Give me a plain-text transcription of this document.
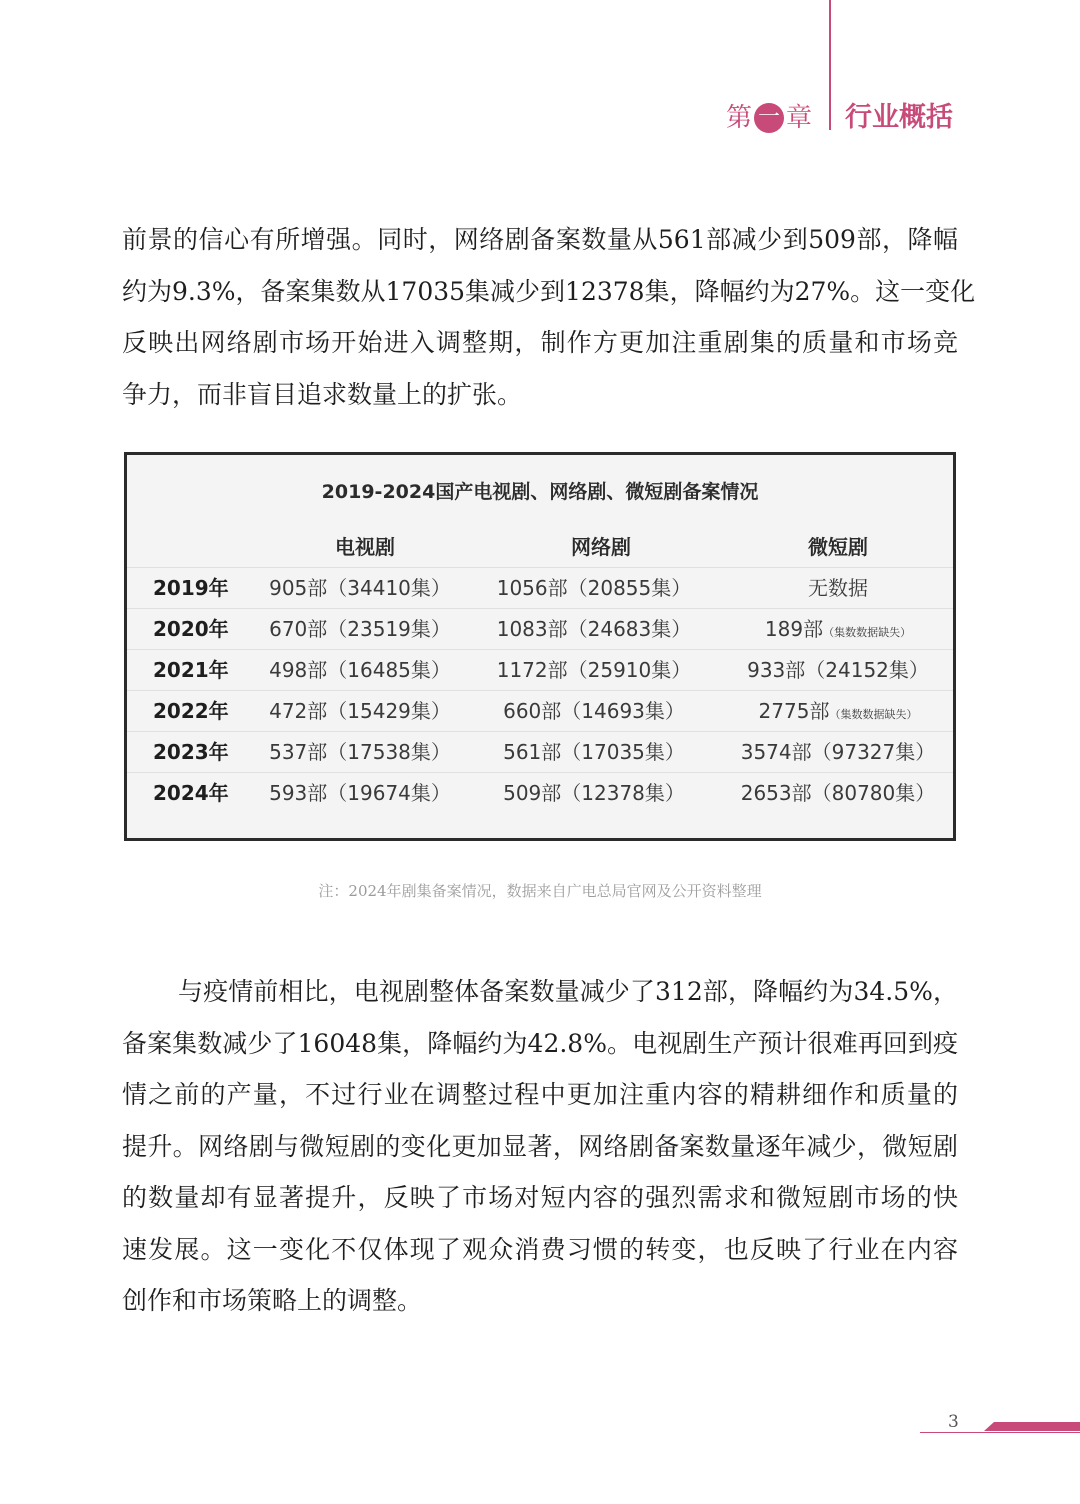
第 一 章 行业概括
前景的信心有所增强。同时，网络剧备案数量从561部减少到509部，降幅
约为9.3%，备案集数从17035集减少到12378集，降幅约为27%。这一变化
反映出网络剧市场开始进入调整期，制作方更加注重剧集的质量和市场竞
争力，而非盲目追求数量上的扩张。
2019-2024国产电视剧、网络剧、微短剧备案情况
电视剧	网络剧	微短剧
2019年 905部（34410集） 1056部（20855集）	无数据
2020年 670部（23519集） 1083部（24683集）	189部（集数数据缺失）
2021年 498部（16485集） 1172部（25910集）	933部（24152集）
2022年 472部（15429集）	660部（14693集）	2775部（集数数据缺失）
2023年 537部（17538集）	561部（17035集）	3574部（97327集）
2024年 593部（19674集）	509部（12378集）	2653部（80780集）
注：2024年剧集备案情况，数据来自广电总局官网及公开资料整理
与疫情前相比，电视剧整体备案数量减少了312部，降幅约为34.5%，
备案集数减少了16048集，降幅约为42.8%。电视剧生产预计很难再回到疫
情之前的产量，不过行业在调整过程中更加注重内容的精耕细作和质量的
提升。网络剧与微短剧的变化更加显著，网络剧备案数量逐年减少，微短剧
的数量却有显著提升，反映了市场对短内容的强烈需求和微短剧市场的快
速发展。这一变化不仅体现了观众消费习惯的转变，也反映了行业在内容
创作和市场策略上的调整。
3
